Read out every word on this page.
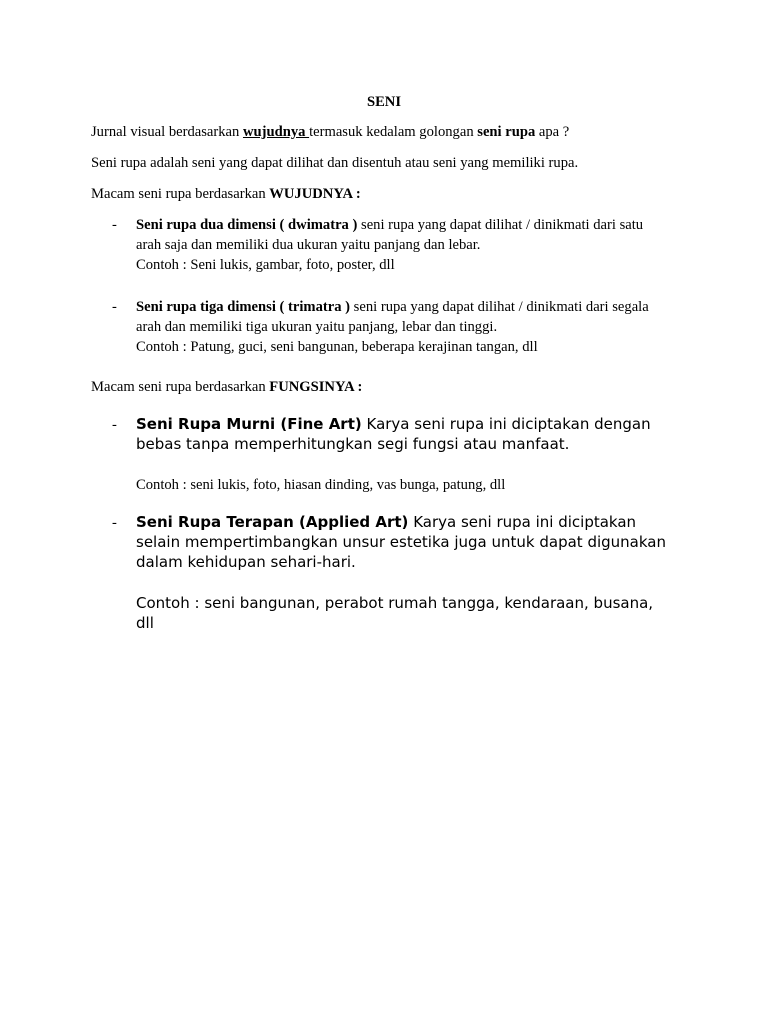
SENI

Jurnal visual berdasarkan wujudnya termasuk kedalam golongan seni rupa apa ?

Seni rupa adalah seni yang dapat dilihat dan disentuh atau seni yang memiliki rupa.

Macam seni rupa berdasarkan WUJUDNYA :

- Seni rupa dua dimensi ( dwimatra ) seni rupa yang dapat dilihat / dinikmati dari satu

arah saja dan memiliki dua ukuran yaitu panjang dan lebar.

Contoh : Seni lukis, gambar, foto, poster, dll

- Seni rupa tiga dimensi ( trimatra ) seni rupa yang dapat dilihat / dinikmati dari segala

arah dan memiliki tiga ukuran yaitu panjang, lebar dan tinggi.

Contoh : Patung, guci, seni bangunan, beberapa kerajinan tangan, dll

Macam seni rupa berdasarkan FUNGSINYA :

- Seni Rupa Murni (Fine Art) Karya seni rupa ini diciptakan dengan

bebas tanpa memperhitungkan segi fungsi atau manfaat.

Contoh : seni lukis, foto, hiasan dinding, vas bunga, patung, dll

- Seni Rupa Terapan (Applied Art) Karya seni rupa ini diciptakan

selain mempertimbangkan unsur estetika juga untuk dapat digunakan

dalam kehidupan sehari-hari.

Contoh : seni bangunan, perabot rumah tangga, kendaraan, busana,

dll
